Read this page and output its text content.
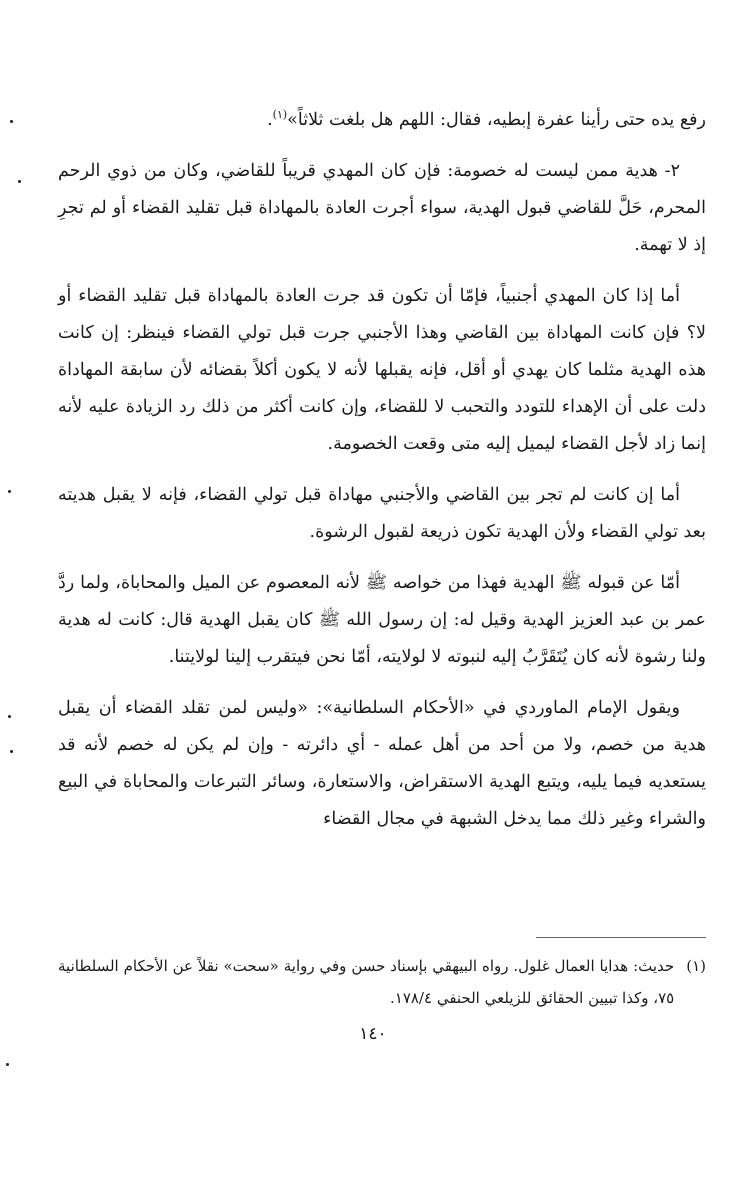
رفع يده حتى رأينا عفرة إبطيه، فقال: اللهم هل بلغت ثلاثاً»$^{(١)}$.

٢- هدية ممن ليست له خصومة: فإن كان المهدي قريباً للقاضي، وكان من ذوي الرحم المحرم، حَلَّ للقاضي قبول الهدية، سواء أجرت العادة بالمهاداة قبل تقليد القضاء أو لم تجرِ إذ لا تهمة.

أما إذا كان المهدي أجنبياً، فإمّا أن تكون قد جرت العادة بالمهاداة قبل تقليد القضاء أو لا؟ فإن كانت المهاداة بين القاضي وهذا الأجنبي جرت قبل تولي القضاء فينظر: إن كانت هذه الهدية مثلما كان يهدي أو أقل، فإنه يقبلها لأنه لا يكون أكلاً بقضائه لأن سابقة المهاداة دلت على أن الإهداء للتودد والتحبب لا للقضاء، وإن كانت أكثر من ذلك رد الزيادة عليه لأنه إنما زاد لأجل القضاء ليميل إليه متى وقعت الخصومة.

أما إن كانت لم تجر بين القاضي والأجنبي مهاداة قبل تولي القضاء، فإنه لا يقبل هديته بعد تولي القضاء ولأن الهدية تكون ذريعة لقبول الرشوة.

أمّا عن قبوله ﷺ الهدية فهذا من خواصه ﷺ لأنه المعصوم عن الميل والمحاباة، ولما ردَّ عمر بن عبد العزيز الهدية وقيل له: إن رسول الله ﷺ كان يقبل الهدية قال: كانت له هدية ولنا رشوة لأنه كان يُتَقَرَّبُ إليه لنبوته لا لولايته، أمّا نحن فيتقرب إلينا لولايتنا.

ويقول الإمام الماوردي في «الأحكام السلطانية»: «وليس لمن تقلد القضاء أن يقبل هدية من خصم، ولا من أحد من أهل عمله - أي دائرته - وإن لم يكن له خصم لأنه قد يستعديه فيما يليه، ويتبع الهدية الاستقراض، والاستعارة، وسائر التبرعات والمحاباة في البيع والشراء وغير ذلك مما يدخل الشبهة في مجال القضاء

(١)
حديث: هدايا العمال غلول. رواه البيهقي بإسناد حسن وفي رواية «سحت» نقلاً عن الأحكام السلطانية ٧٥، وكذا تبيين الحقائق للزيلعي الحنفي ١٧٨/٤.
١٤٠
